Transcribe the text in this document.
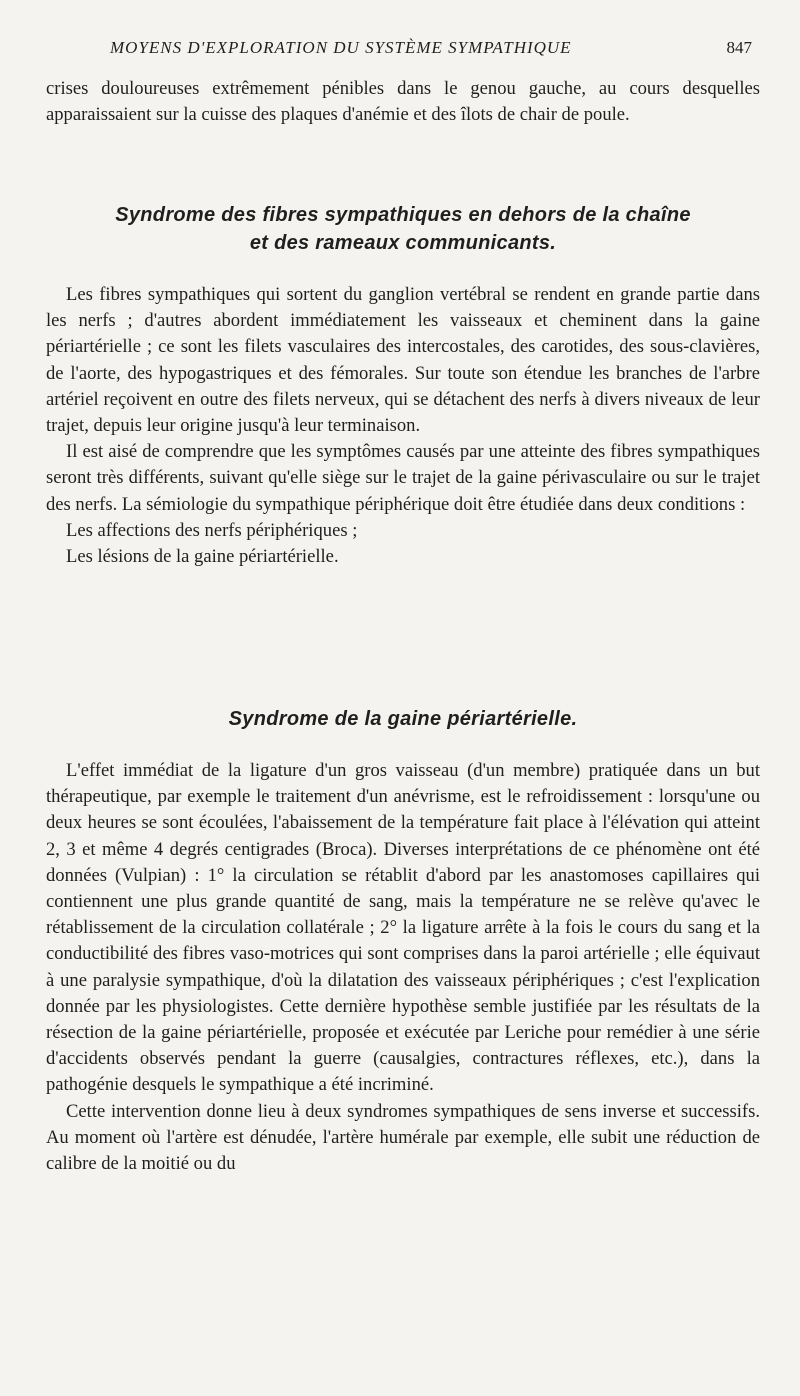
MOYENS D'EXPLORATION DU SYSTÈME SYMPATHIQUE	847

crises douloureuses extrêmement pénibles dans le genou gauche, au cours desquelles apparaissaient sur la cuisse des plaques d'anémie et des îlots de chair de poule.

Syndrome des fibres sympathiques en dehors de la chaîne

et des rameaux communicants.

Les fibres sympathiques qui sortent du ganglion vertébral se rendent en grande partie dans les nerfs ; d'autres abordent immédiatement les vaisseaux et cheminent dans la gaine périartérielle ; ce sont les filets vasculaires des intercostales, des carotides, des sous-clavières, de l'aorte, des hypogastriques et des fémorales. Sur toute son étendue les branches de l'arbre artériel reçoivent en outre des filets nerveux, qui se détachent des nerfs à divers niveaux de leur trajet, depuis leur origine jusqu'à leur terminaison.

Il est aisé de comprendre que les symptômes causés par une atteinte des fibres sympathiques seront très différents, suivant qu'elle siège sur le trajet de la gaine périvasculaire ou sur le trajet des nerfs. La sémiologie du sympathique périphérique doit être étudiée dans deux conditions :

Les affections des nerfs périphériques ;

Les lésions de la gaine périartérielle.

Syndrome de la gaine périartérielle.

L'effet immédiat de la ligature d'un gros vaisseau (d'un membre) pratiquée dans un but thérapeutique, par exemple le traitement d'un anévrisme, est le refroidissement : lorsqu'une ou deux heures se sont écoulées, l'abaissement de la température fait place à l'élévation qui atteint 2, 3 et même 4 degrés centigrades (Broca). Diverses interprétations de ce phénomène ont été données (Vulpian) : 1° la circulation se rétablit d'abord par les anastomoses capillaires qui contiennent une plus grande quantité de sang, mais la température ne se relève qu'avec le rétablissement de la circulation collatérale ; 2° la ligature arrête à la fois le cours du sang et la conductibilité des fibres vaso-motrices qui sont comprises dans la paroi artérielle ; elle équivaut à une paralysie sympathique, d'où la dilatation des vaisseaux périphériques ; c'est l'explication donnée par les physiologistes. Cette dernière hypothèse semble justifiée par les résultats de la résection de la gaine périartérielle, proposée et exécutée par Leriche pour remédier à une série d'accidents observés pendant la guerre (causalgies, contractures réflexes, etc.), dans la pathogénie desquels le sympathique a été incriminé.

Cette intervention donne lieu à deux syndromes sympathiques de sens inverse et successifs. Au moment où l'artère est dénudée, l'artère humérale par exemple, elle subit une réduction de calibre de la moitié ou du
